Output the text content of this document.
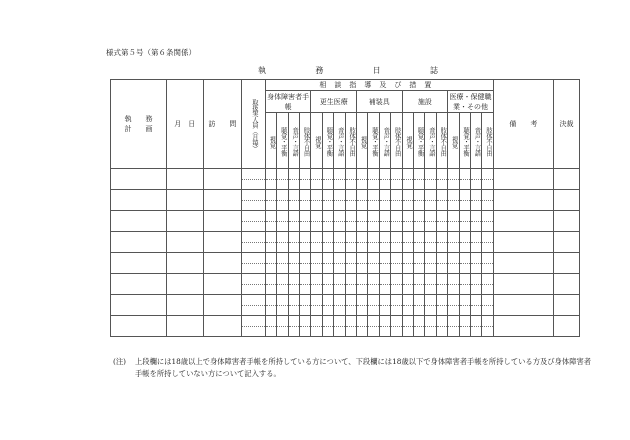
様式第５号（第６条関係）
執	務	日	誌
執　　務
計　　画	月　日	訪　　問	取扱実人員（月毎）	相談指導及び措置																				備　　考	決裁
				身体障害者手帳				更生医療				補装具				施設				医療・保健職業・その他					

				視覚	聴覚・平衡	音声・言語	肢体不自由	視覚	聴覚・平衡	音声・言語	肢体不自由	視覚	聴覚・平衡	音声・言語	肢体不自由	視覚	聴覚・平衡	音声・言語	肢体不自由	視覚	聴覚・平衡	音声・言語	肢体不自由		

(注) 上段欄には18歳以上で身体障害者手帳を所持している方について、下段欄には18歳以下で身体障害者手帳を所持している方及び身体障害者手帳を所持していない方について記入する。
